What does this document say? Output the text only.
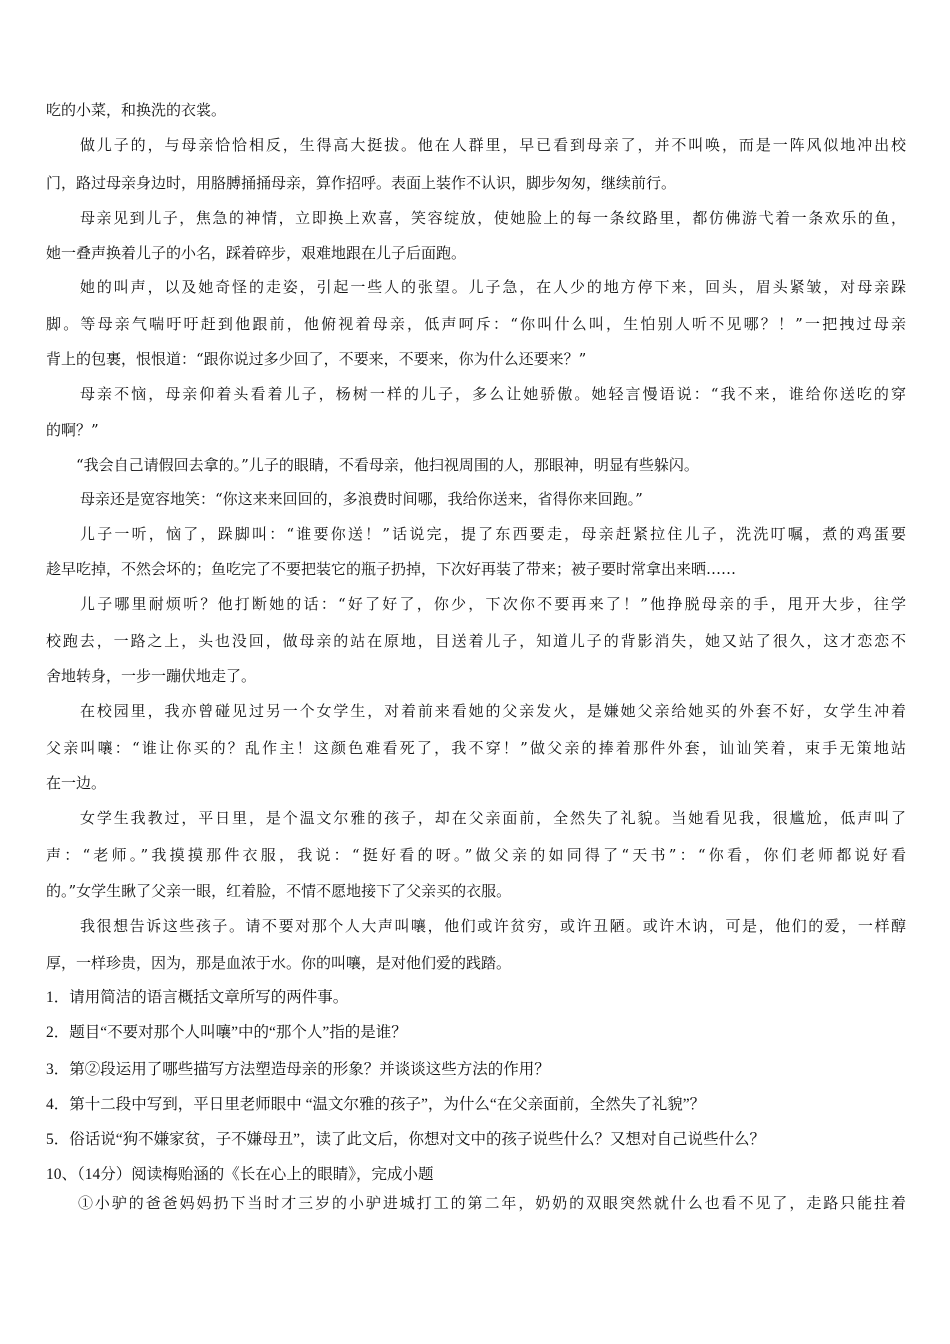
吃的小菜，和换洗的衣裳。
做儿子的，与母亲恰恰相反，生得高大挺拔。他在人群里，早已看到母亲了，并不叫唤，而是一阵风似地冲出校
门，路过母亲身边时，用胳膊捅捅母亲，算作招呼。表面上装作不认识，脚步匆匆，继续前行。
母亲见到儿子，焦急的神情，立即换上欢喜，笑容绽放，使她脸上的每一条纹路里，都仿佛游弋着一条欢乐的鱼，
她一叠声换着儿子的小名，踩着碎步，艰难地跟在儿子后面跑。
她的叫声，以及她奇怪的走姿，引起一些人的张望。儿子急，在人少的地方停下来，回头，眉头紧皱，对母亲跺
脚。等母亲气喘吁吁赶到他跟前，他俯视着母亲，低声呵斥：“你叫什么叫，生怕别人听不见哪？！”一把拽过母亲
背上的包裹，恨恨道：“跟你说过多少回了，不要来，不要来，你为什么还要来？”
母亲不恼，母亲仰着头看着儿子，杨树一样的儿子，多么让她骄傲。她轻言慢语说：“我不来，谁给你送吃的穿
的啊？”
“我会自己请假回去拿的。”儿子的眼睛，不看母亲，他扫视周围的人，那眼神，明显有些躲闪。
母亲还是宽容地笑：“你这来来回回的，多浪费时间哪，我给你送来，省得你来回跑。”
儿子一听，恼了，跺脚叫：“谁要你送！”话说完，提了东西要走，母亲赶紧拉住儿子，洗洗叮嘱，煮的鸡蛋要
趁早吃掉，不然会坏的；鱼吃完了不要把装它的瓶子扔掉，下次好再装了带来；被子要时常拿出来晒……
儿子哪里耐烦听？他打断她的话：“好了好了，你少，下次你不要再来了！”他挣脱母亲的手，甩开大步，往学
校跑去，一路之上，头也没回，做母亲的站在原地，目送着儿子，知道儿子的背影消失，她又站了很久，这才恋恋不
舍地转身，一步一蹦伏地走了。
在校园里，我亦曾碰见过另一个女学生，对着前来看她的父亲发火，是嫌她父亲给她买的外套不好，女学生冲着
父亲叫嚷：“谁让你买的？乱作主！这颜色难看死了，我不穿！”做父亲的捧着那件外套，讪讪笑着，束手无策地站
在一边。
女学生我教过，平日里，是个温文尔雅的孩子，却在父亲面前，全然失了礼貌。当她看见我，很尴尬，低声叫了
声：“老师。”我摸摸那件衣服，我说：“挺好看的呀。”做父亲的如同得了“天书”：“你看，你们老师都说好看
的。”女学生瞅了父亲一眼，红着脸，不情不愿地接下了父亲买的衣服。
我很想告诉这些孩子。请不要对那个人大声叫嚷，他们或许贫穷，或许丑陋。或许木讷，可是，他们的爱，一样醇
厚，一样珍贵，因为，那是血浓于水。你的叫嚷，是对他们爱的践踏。
1．请用简洁的语言概括文章所写的两件事。
2．题目“不要对那个人叫嚷”中的“那个人”指的是谁？
3．第②段运用了哪些描写方法塑造母亲的形象？并谈谈这些方法的作用？
4．第十二段中写到，平日里老师眼中 “温文尔雅的孩子”，为什么“在父亲面前，全然失了礼貌”？
5．俗话说“狗不嫌家贫，子不嫌母丑”，读了此文后，你想对文中的孩子说些什么？又想对自己说些什么？
10、（14分）阅读梅贻涵的《长在心上的眼睛》，完成小题
①小驴的爸爸妈妈扔下当时才三岁的小驴进城打工的第二年，奶奶的双眼突然就什么也看不见了，走路只能拄着
